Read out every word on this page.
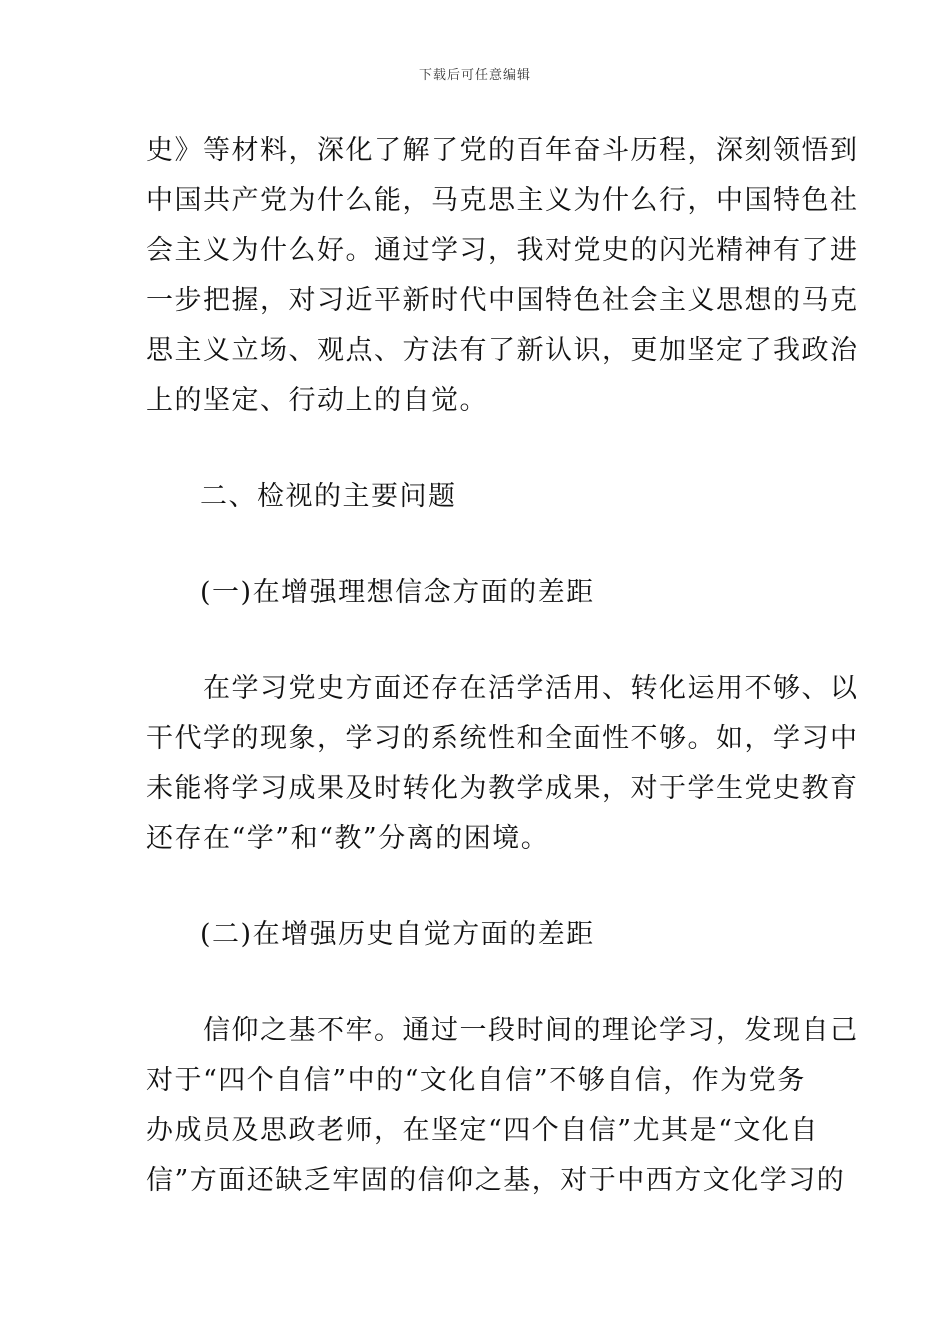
下载后可任意编辑
史》等材料，深化了解了党的百年奋斗历程，深刻领悟到
中国共产党为什么能，马克思主义为什么行，中国特色社
会主义为什么好。通过学习，我对党史的闪光精神有了进
一步把握，对习近平新时代中国特色社会主义思想的马克
思主义立场、观点、方法有了新认识，更加坚定了我政治
上的坚定、行动上的自觉。
二、检视的主要问题
(一)在增强理想信念方面的差距
　　在学习党史方面还存在活学活用、转化运用不够、以
干代学的现象，学习的系统性和全面性不够。如，学习中
未能将学习成果及时转化为教学成果，对于学生党史教育
还存在“学”和“教”分离的困境。
(二)在增强历史自觉方面的差距
　　信仰之基不牢。通过一段时间的理论学习，发现自己
对于“四个自信”中的“文化自信”不够自信，作为党务
办成员及思政老师，在坚定“四个自信”尤其是“文化自
信”方面还缺乏牢固的信仰之基，对于中西方文化学习的
